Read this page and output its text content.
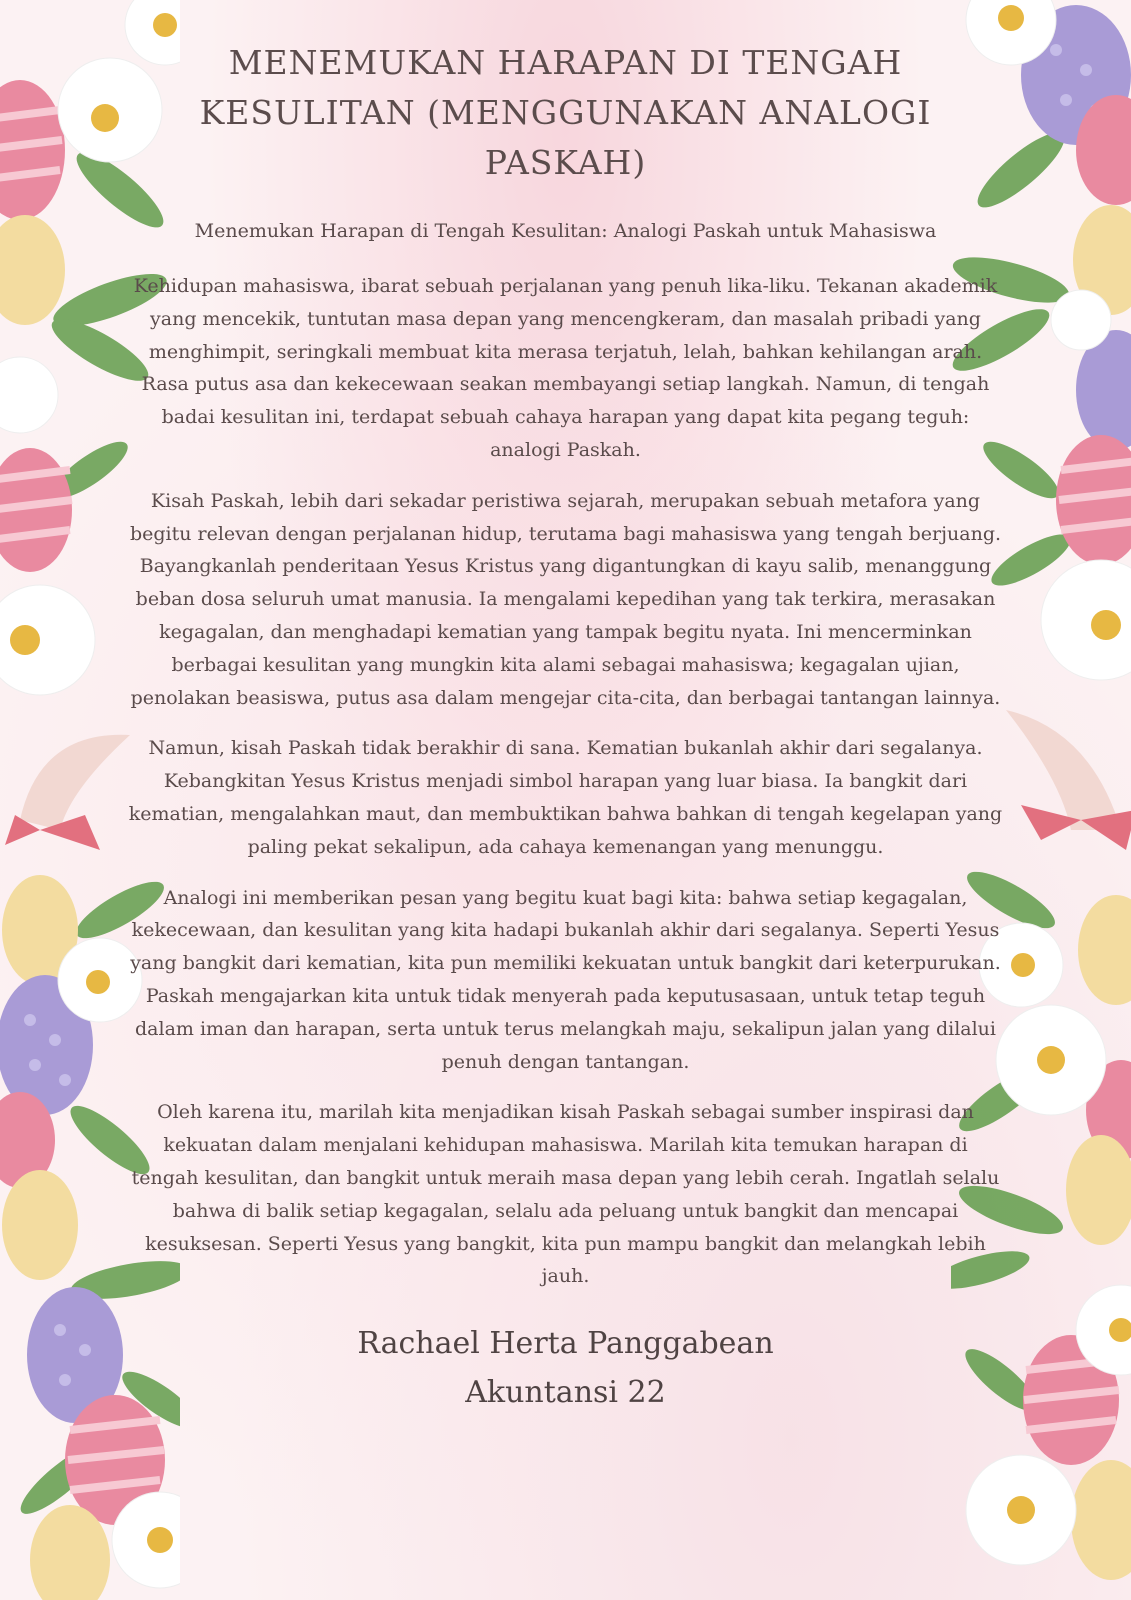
MENEMUKAN HARAPAN DI TENGAH KESULITAN (MENGGUNAKAN ANALOGI PASKAH)
Menemukan Harapan di Tengah Kesulitan: Analogi Paskah untuk Mahasiswa

Kehidupan mahasiswa, ibarat sebuah perjalanan yang penuh lika-liku. Tekanan akademik yang mencekik, tuntutan masa depan yang mencengkeram, dan masalah pribadi yang menghimpit, seringkali membuat kita merasa terjatuh, lelah, bahkan kehilangan arah. Rasa putus asa dan kekecewaan seakan membayangi setiap langkah. Namun, di tengah badai kesulitan ini, terdapat sebuah cahaya harapan yang dapat kita pegang teguh: analogi Paskah.

Kisah Paskah, lebih dari sekadar peristiwa sejarah, merupakan sebuah metafora yang begitu relevan dengan perjalanan hidup, terutama bagi mahasiswa yang tengah berjuang. Bayangkanlah penderitaan Yesus Kristus yang digantungkan di kayu salib, menanggung beban dosa seluruh umat manusia. Ia mengalami kepedihan yang tak terkira, merasakan kegagalan, dan menghadapi kematian yang tampak begitu nyata. Ini mencerminkan berbagai kesulitan yang mungkin kita alami sebagai mahasiswa; kegagalan ujian, penolakan beasiswa, putus asa dalam mengejar cita-cita, dan berbagai tantangan lainnya.

Namun, kisah Paskah tidak berakhir di sana. Kematian bukanlah akhir dari segalanya. Kebangkitan Yesus Kristus menjadi simbol harapan yang luar biasa. Ia bangkit dari kematian, mengalahkan maut, dan membuktikan bahwa bahkan di tengah kegelapan yang paling pekat sekalipun, ada cahaya kemenangan yang menunggu.

Analogi ini memberikan pesan yang begitu kuat bagi kita: bahwa setiap kegagalan, kekecewaan, dan kesulitan yang kita hadapi bukanlah akhir dari segalanya. Seperti Yesus yang bangkit dari kematian, kita pun memiliki kekuatan untuk bangkit dari keterpurukan. Paskah mengajarkan kita untuk tidak menyerah pada keputusasaan, untuk tetap teguh dalam iman dan harapan, serta untuk terus melangkah maju, sekalipun jalan yang dilalui penuh dengan tantangan.

Oleh karena itu, marilah kita menjadikan kisah Paskah sebagai sumber inspirasi dan kekuatan dalam menjalani kehidupan mahasiswa. Marilah kita temukan harapan di tengah kesulitan, dan bangkit untuk meraih masa depan yang lebih cerah. Ingatlah selalu bahwa di balik setiap kegagalan, selalu ada peluang untuk bangkit dan mencapai kesuksesan. Seperti Yesus yang bangkit, kita pun mampu bangkit dan melangkah lebih jauh.

Rachael Herta Panggabean
Akuntansi 22
